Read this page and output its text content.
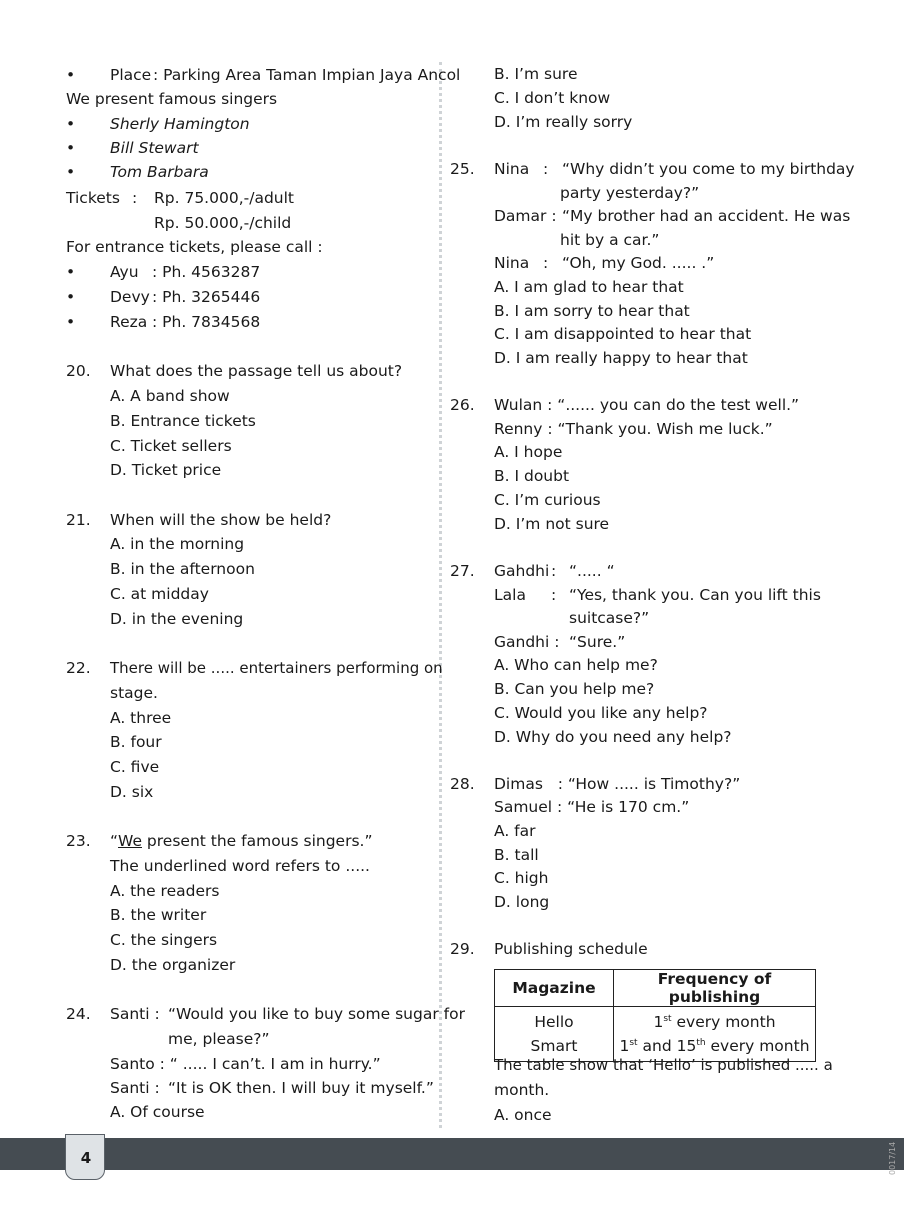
• Place : Parking Area Taman Impian Jaya Ancol
We present famous singers
• Sherly Hamington
• Bill Stewart
• Tom Barbara
Tickets : Rp. 75.000,-/adult
Rp. 50.000,-/child
For entrance tickets, please call :
• Ayu : Ph. 4563287
• Devy : Ph. 3265446
• Reza : Ph. 7834568
20. What does the passage tell us about?
A. A band show
B. Entrance tickets
C. Ticket sellers
D. Ticket price
21. When will the show be held?
A. in the morning
B. in the afternoon
C. at midday
D. in the evening
22. There will be ..... entertainers performing on
stage.
A. three
B. four
C. five
D. six
23. “We present the famous singers.”
The underlined word refers to .....
A. the readers
B. the writer
C. the singers
D. the organizer
24. Santi : “Would you like to buy some sugar for
me, please?”
Santo : “ ..... I can’t. I am in hurry.”
Santi : “It is OK then. I will buy it myself.”
A. Of course
B. I’m sure
C. I don’t know
D. I’m really sorry
25. Nina : “Why didn’t you come to my birthday
party yesterday?”
Damar : “My brother had an accident. He was
hit by a car.”
Nina : “Oh, my God. ..... .”
A. I am glad to hear that
B. I am sorry to hear that
C. I am disappointed to hear that
D. I am really happy to hear that
26. Wulan : “...... you can do the test well.”
Renny : “Thank you. Wish me luck.”
A. I hope
B. I doubt
C. I’m curious
D. I’m not sure
27. Gahdhi : “..... “
Lala : “Yes, thank you. Can you lift this
suitcase?”
Gandhi : “Sure.”
A. Who can help me?
B. Can you help me?
C. Would you like any help?
D. Why do you need any help?
28. Dimas   : “How ..... is Timothy?”
Samuel : “He is 170 cm.”
A. far
B. tall
C. high
D. long
29. Publishing schedule
The table show that ‘Hello’ is published ..... a
month.
A. once
Magazine	Frequency of publishing
Hello	1st every month
Smart	1st and 15th every month
4	0017/14
